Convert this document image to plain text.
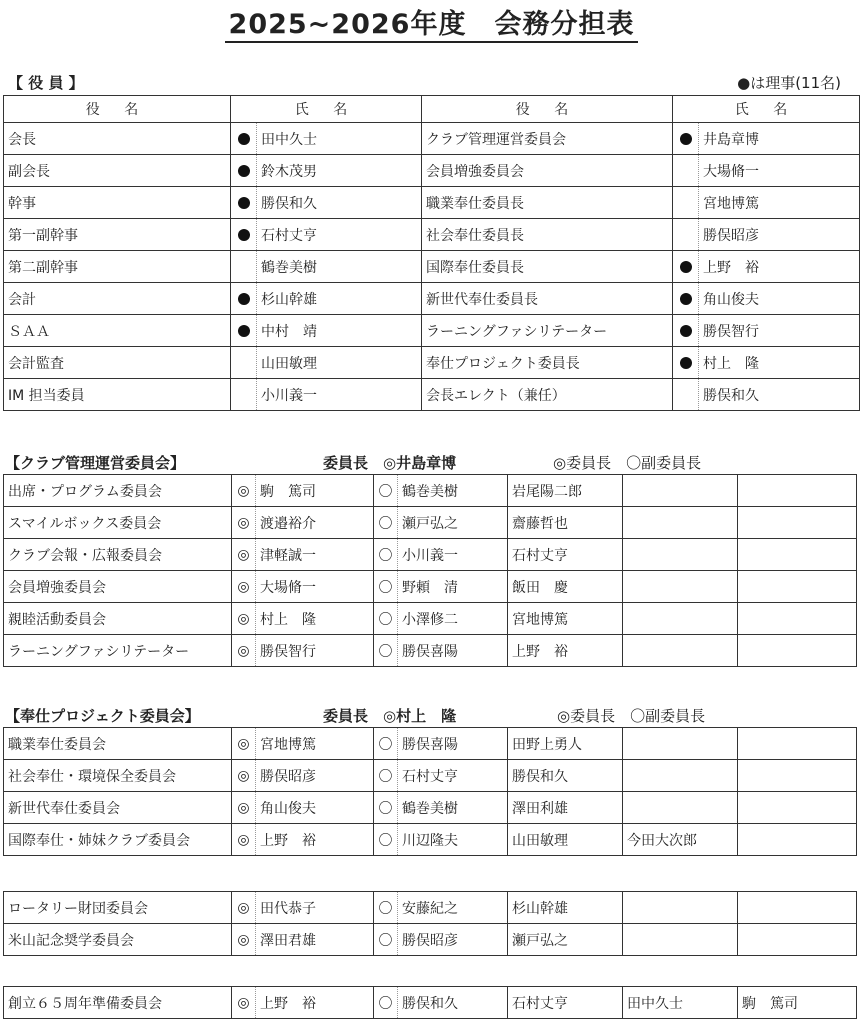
2025~2026年度　会務分担表
【 役 員 】	●は理事(11名)
役 名	氏 名		役 名	氏 名	
会長		田中久士	クラブ管理運営委員会		井島章博
副会長		鈴木茂男	会員増強委員会		大場脩一
幹事		勝俣和久	職業奉仕委員長		宮地博篤
第一副幹事		石村丈亨	社会奉仕委員長		勝俣昭彦
第二副幹事		鶴巻美樹	国際奉仕委員長		上野　裕
会計		杉山幹雄	新世代奉仕委員長		角山俊夫
ＳＡＡ		中村　靖	ラーニングファシリテーター		勝俣智行
会計監査		山田敏理	奉仕プロジェクト委員長		村上　隆
IM 担当委員		小川義一	会長エレクト（兼任）		勝俣和久
【クラブ管理運営委員会】	委員長　◎井島章博	◎委員長　〇副委員長
出席・プログラム委員会	◎	駒　篤司	〇	鶴巻美樹	岩尾陽二郎		
スマイルボックス委員会	◎	渡邉裕介	〇	瀬戸弘之	齋藤哲也		
クラブ会報・広報委員会	◎	津軽誠一	〇	小川義一	石村丈亨		
会員増強委員会	◎	大場脩一	〇	野頼　清	飯田　慶		
親睦活動委員会	◎	村上　隆	〇	小澤修二	宮地博篤		
ラーニングファシリテーター	◎	勝俣智行	〇	勝俣喜陽	上野　裕		
【奉仕プロジェクト委員会】	委員長　◎村上　隆	◎委員長　〇副委員長
職業奉仕委員会	◎	宮地博篤	〇	勝俣喜陽	田野上勇人		
社会奉仕・環境保全委員会	◎	勝俣昭彦	〇	石村丈亨	勝俣和久		
新世代奉仕委員会	◎	角山俊夫	〇	鶴巻美樹	澤田利雄		
国際奉仕・姉妹クラブ委員会	◎	上野　裕	〇	川辺隆夫	山田敏理	今田大次郎	
ロータリー財団委員会	◎	田代恭子	〇	安藤紀之	杉山幹雄		
米山記念奨学委員会	◎	澤田君雄	〇	勝俣昭彦	瀬戸弘之		
創立６５周年準備委員会	◎	上野　裕	〇	勝俣和久	石村丈亨	田中久士	駒　篤司
